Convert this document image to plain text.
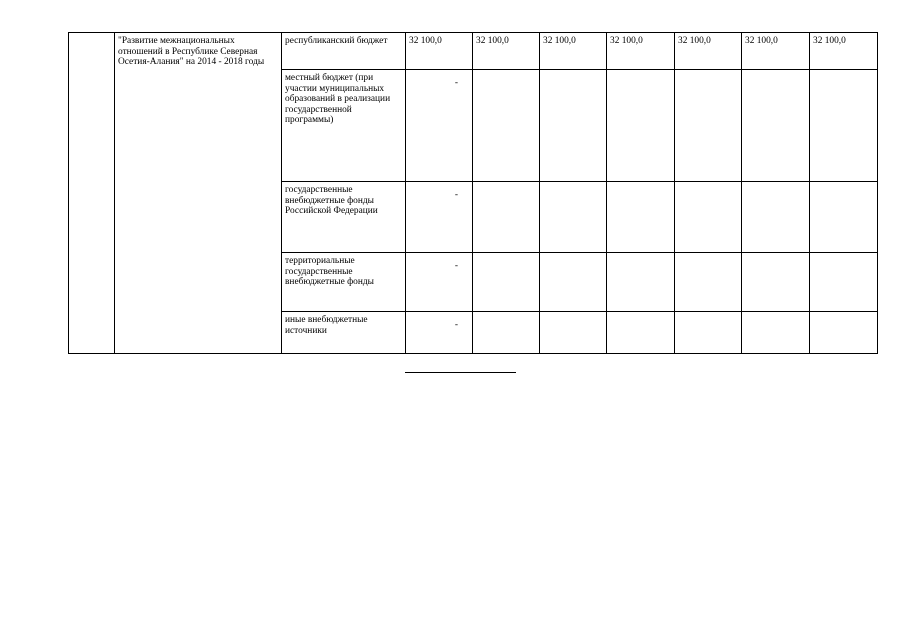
	"Развитие межнациональных отношений в Республике Северная Осетия-Алания" на 2014 - 2018 годы	республиканский бюджет	32 100,0	32 100,0	32 100,0	32 100,0	32 100,0	32 100,0	32 100,0
		местный бюджет (при участии муниципальных образований в реализации государственной программы)	-						
		государственные внебюджетные фонды Российской Федерации	-						
		территориальные государственные внебюджетные фонды	-						
		иные внебюджетные источники	-						
